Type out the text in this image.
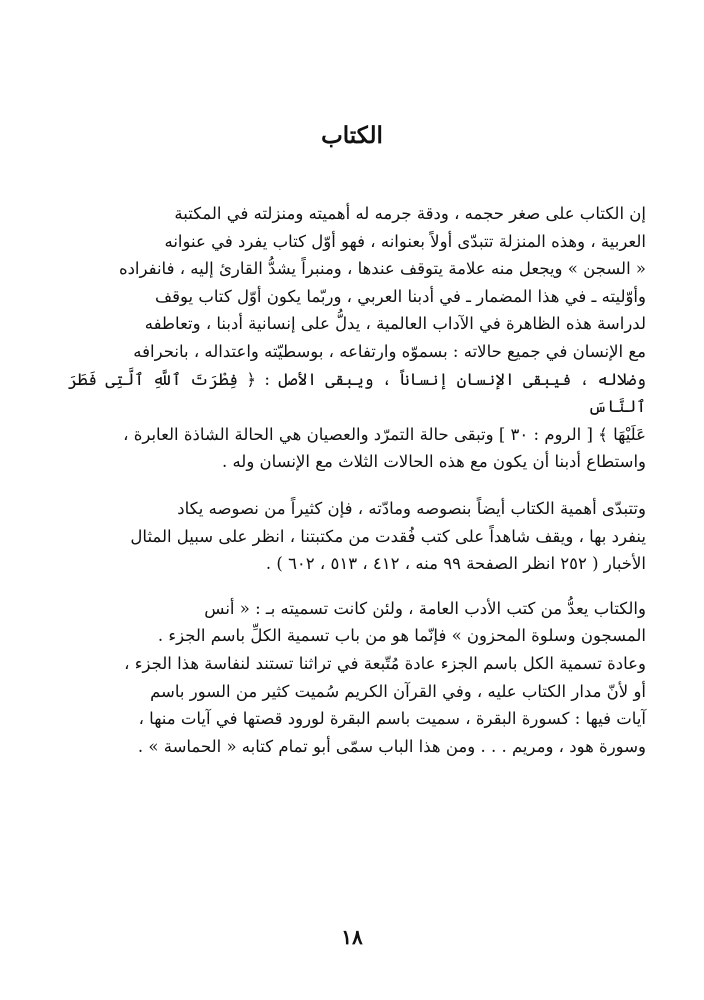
الكتاب

إن الكتاب على صغر حجمه ، ودقة جرمه له أهميته ومنزلته في المكتبة

العربية ، وهذه المنزلة تتبدّى أولاً بعنوانه ، فهو أوّل كتاب يفرد في عنوانه

« السجن » ويجعل منه علامة يتوقف عندها ، ومنبراً يشدُّ القارئ إليه ، فانفراده

وأوّليته ـ في هذا المضمار ـ في أدبنا العربي ، وربّما يكون أوّل كتاب يوقف

لدراسة هذه الظاهرة في الآداب العالمية ، يدلُّ على إنسانية أدبنا ، وتعاطفه

مع الإنسان في جميع حالاته : بسموّه وارتفاعه ، بوسطيّته واعتداله ، بانحرافه

وضلاله ، فيبقى الإنسان إنساناً ، ويبقى الأصل : ﴿ فِطْرَتَ ٱللَّهِ ٱلَّتِى فَطَرَ ٱلنَّاسَ

عَلَيْهَا ﴾ [ الروم : ٣٠ ] وتبقى حالة التمرّد والعصيان هي الحالة الشاذة العابرة ،

واستطاع أدبنا أن يكون مع هذه الحالات الثلاث مع الإنسان وله .

وتتبدّى أهمية الكتاب أيضاً بنصوصه ومادّته ، فإن كثيراً من نصوصه يكاد

ينفرد بها ، ويقف شاهداً على كتب فُقدت من مكتبتنا ، انظر على سبيل المثال

الأخبار ( ٢٥٢ انظر الصفحة ٩٩ منه ، ٤١٢ ، ٥١٣ ، ٦٠٢ ) .

والكتاب يعدُّ من كتب الأدب العامة ، ولئن كانت تسميته بـ : « أنس

المسجون وسلوة المحزون » فإنّما هو من باب تسمية الكلِّ باسم الجزء .

وعادة تسمية الكل باسم الجزء عادة مُتّبعة في تراثنا تستند لنفاسة هذا الجزء ،

أو لأنّ مدار الكتاب عليه ، وفي القرآن الكريم سُميت كثير من السور باسم

آيات فيها : كسورة البقرة ، سميت باسم البقرة لورود قصتها في آيات منها ،

وسورة هود ، ومريم . . . ومن هذا الباب سمّى أبو تمام كتابه « الحماسة » .

١٨
